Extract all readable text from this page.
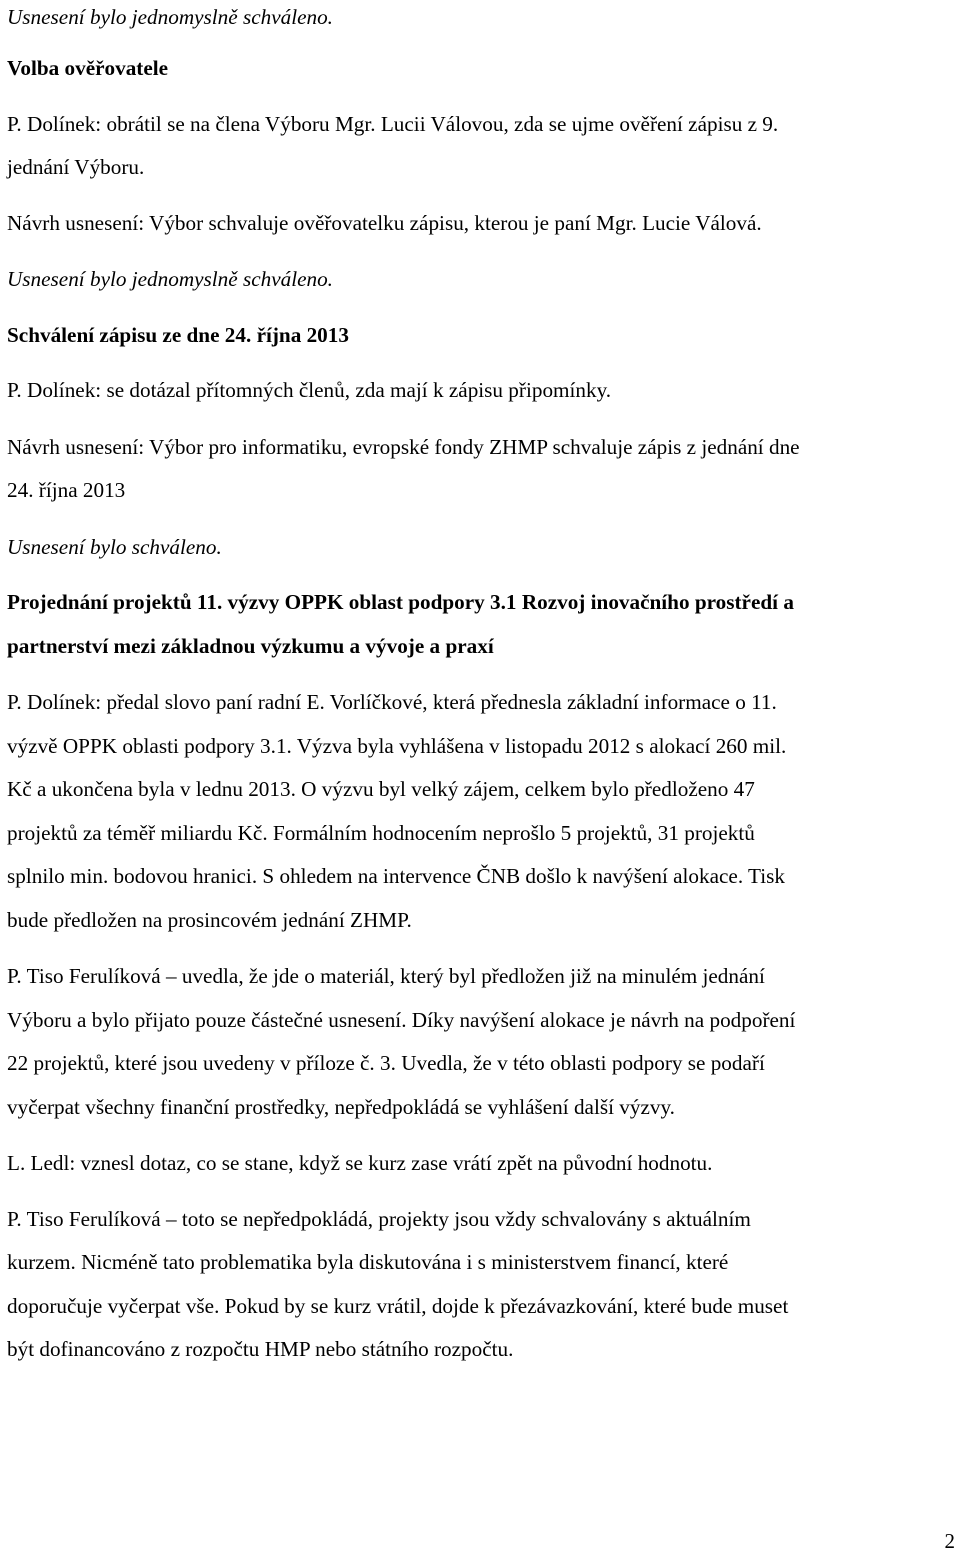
Usnesení bylo jednomyslně schváleno.
Volba ověřovatele
P. Dolínek: obrátil se na člena Výboru Mgr. Lucii Válovou, zda se ujme ověření zápisu z 9.
jednání Výboru.
Návrh usnesení: Výbor schvaluje ověřovatelku zápisu, kterou je paní Mgr. Lucie Válová.
Usnesení bylo jednomyslně schváleno.
Schválení zápisu ze dne 24. října 2013
P. Dolínek: se dotázal přítomných členů, zda mají k zápisu připomínky.
Návrh usnesení: Výbor pro informatiku, evropské fondy ZHMP schvaluje zápis z jednání dne
24. října 2013
Usnesení bylo schváleno.
Projednání projektů 11. výzvy OPPK oblast podpory 3.1 Rozvoj inovačního prostředí a
partnerství mezi základnou výzkumu a vývoje a praxí
P. Dolínek: předal slovo paní radní E. Vorlíčkové, která přednesla základní informace o 11.
výzvě OPPK oblasti podpory 3.1. Výzva byla vyhlášena v listopadu 2012 s alokací 260 mil.
Kč a ukončena byla v lednu 2013. O výzvu byl velký zájem, celkem bylo předloženo 47
projektů za téměř miliardu Kč. Formálním hodnocením neprošlo 5 projektů, 31 projektů
splnilo min. bodovou hranici. S ohledem na intervence ČNB došlo k navýšení alokace. Tisk
bude předložen na prosincovém jednání ZHMP.
P. Tiso Ferulíková – uvedla, že jde o materiál, který byl předložen již na minulém jednání
Výboru a bylo přijato pouze částečné usnesení. Díky navýšení alokace je návrh na podpoření
22 projektů, které jsou uvedeny v příloze č. 3. Uvedla, že v této oblasti podpory se podaří
vyčerpat všechny finanční prostředky, nepředpokládá se vyhlášení další výzvy.
L. Ledl: vznesl dotaz, co se stane, když se kurz zase vrátí zpět na původní hodnotu.
P. Tiso Ferulíková – toto se nepředpokládá, projekty jsou vždy schvalovány s aktuálním
kurzem. Nicméně tato problematika byla diskutována i s ministerstvem financí, které
doporučuje vyčerpat vše. Pokud by se kurz vrátil, dojde k přezávazkování, které bude muset
být dofinancováno z rozpočtu HMP nebo státního rozpočtu.
2
